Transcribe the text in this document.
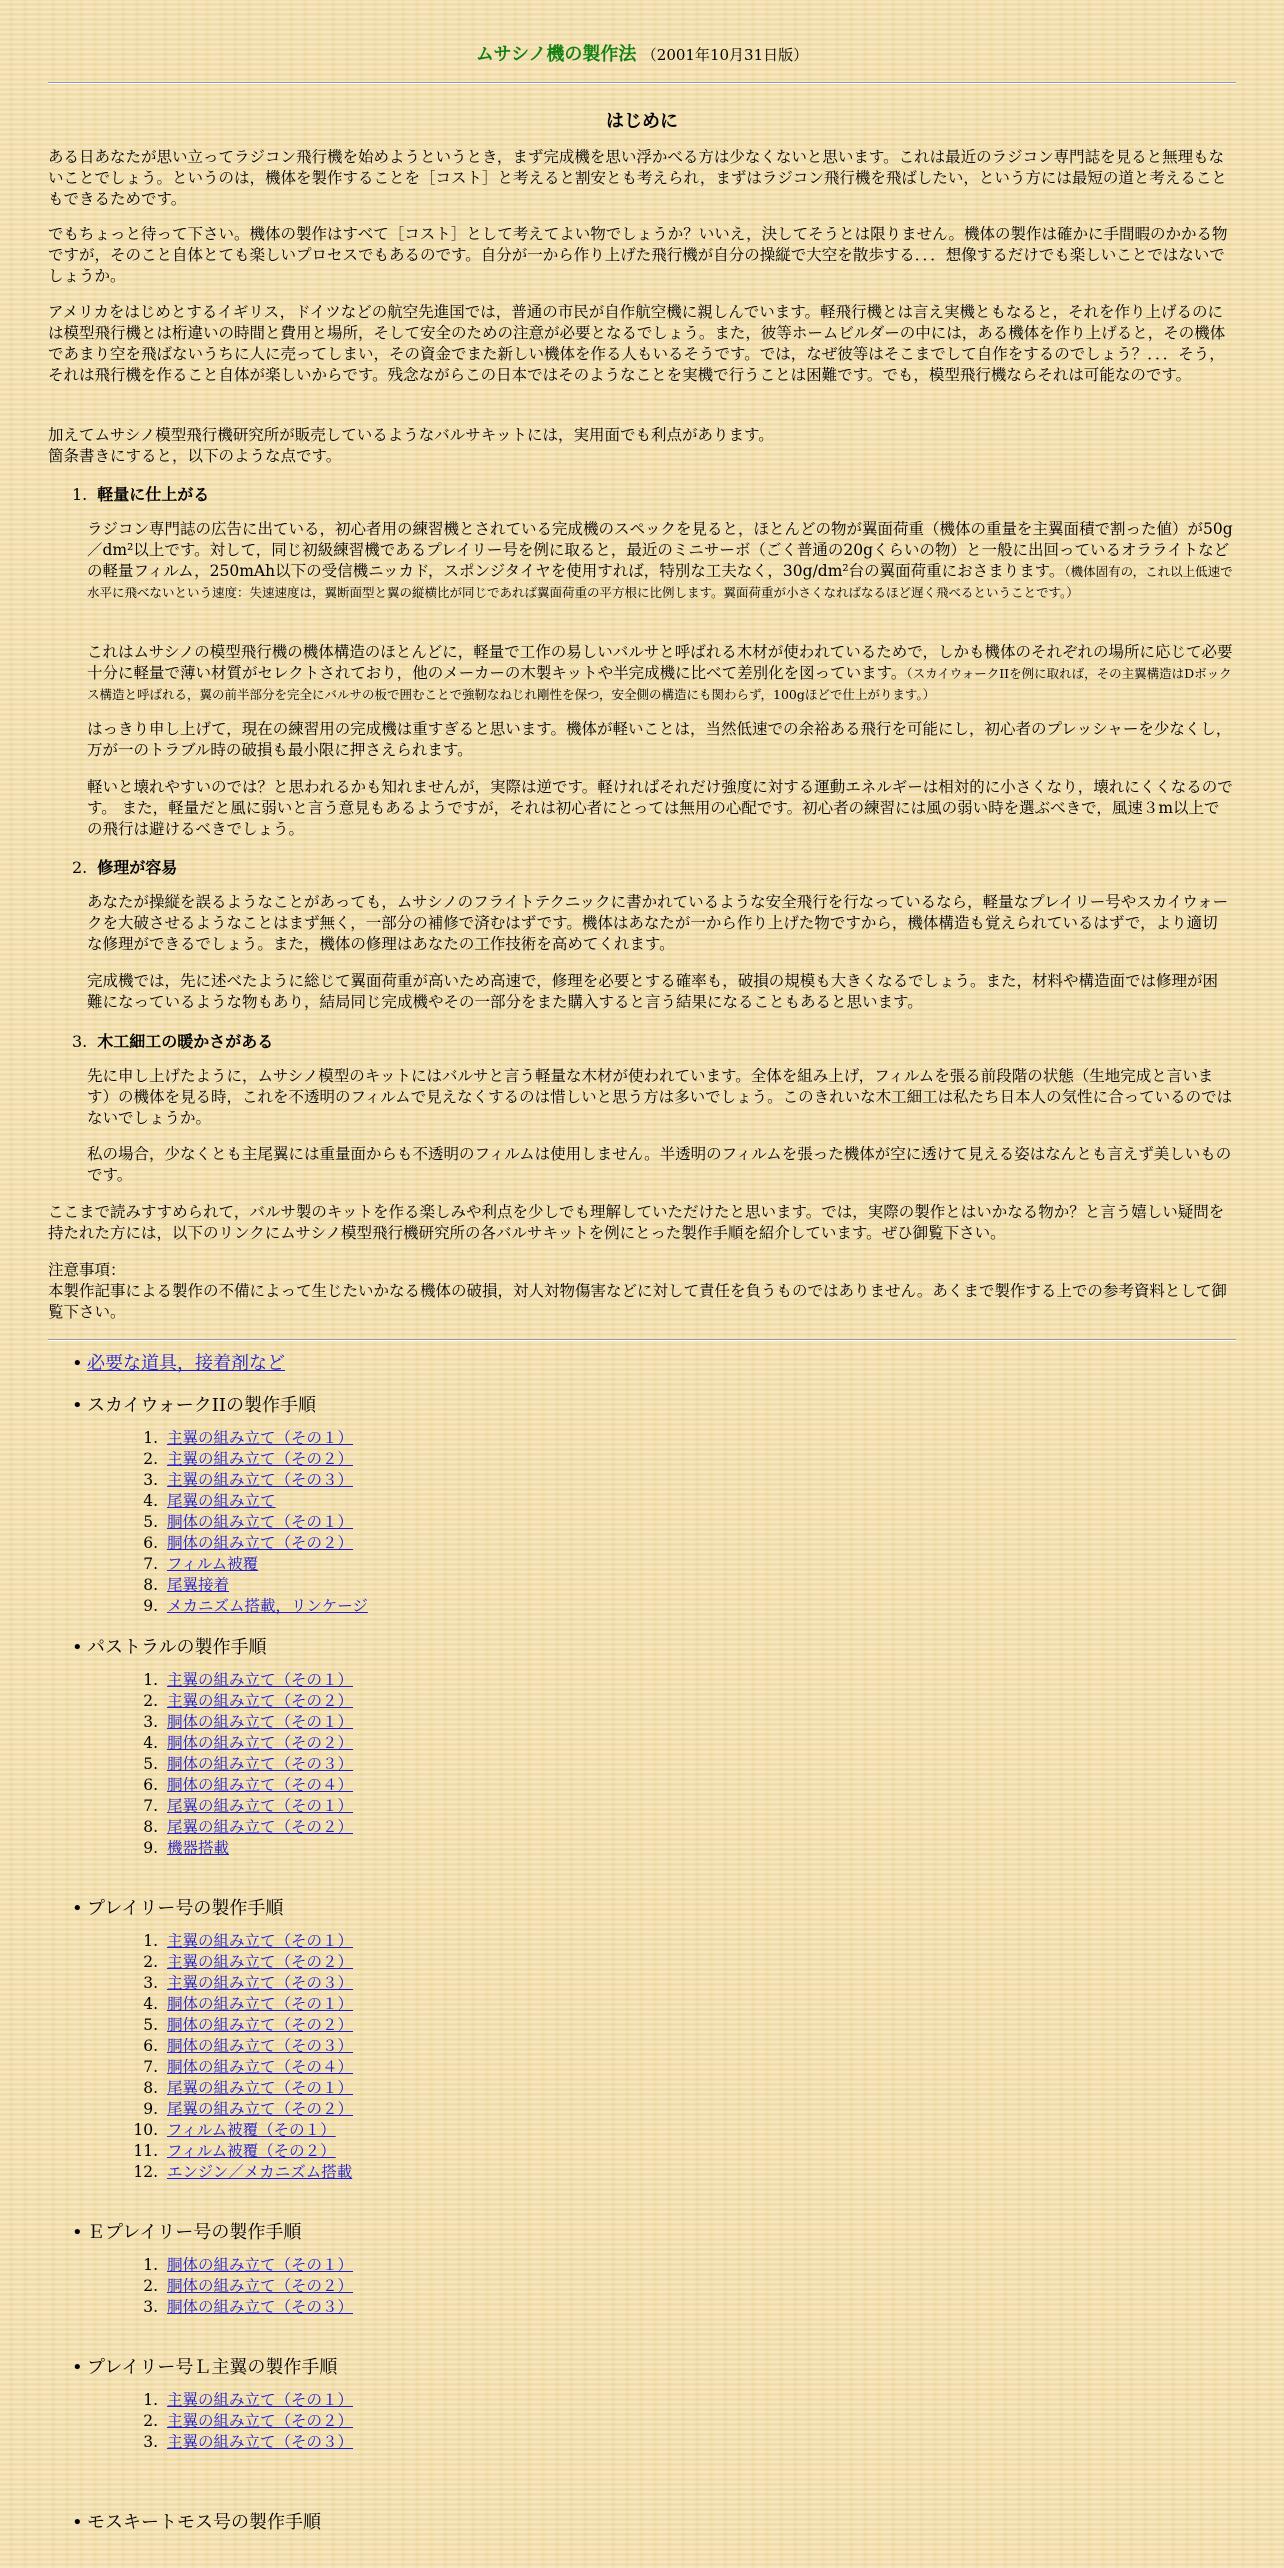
ムサシノ機の製作法 （2001年10月31日版）
はじめに
ある日あなたが思い立ってラジコン飛行機を始めようというとき，まず完成機を思い浮かべる方は少なくないと思います。これは最近のラジコン専門誌を見ると無理もないことでしょう。というのは，機体を製作することを［コスト］と考えると割安とも考えられ，まずはラジコン飛行機を飛ばしたい，という方には最短の道と考えることもできるためです。
でもちょっと待って下さい。機体の製作はすべて［コスト］として考えてよい物でしょうか？いいえ，決してそうとは限りません。機体の製作は確かに手間暇のかかる物ですが，そのこと自体とても楽しいプロセスでもあるのです。自分が一から作り上げた飛行機が自分の操縦で大空を散歩する．．．想像するだけでも楽しいことではないでしょうか。
アメリカをはじめとするイギリス，ドイツなどの航空先進国では，普通の市民が自作航空機に親しんでいます。軽飛行機とは言え実機ともなると，それを作り上げるのには模型飛行機とは桁違いの時間と費用と場所，そして安全のための注意が必要となるでしょう。また，彼等ホームビルダーの中には，ある機体を作り上げると，その機体であまり空を飛ばないうちに人に売ってしまい，その資金でまた新しい機体を作る人もいるそうです。では，なぜ彼等はそこまでして自作をするのでしょう？．．．そう，それは飛行機を作ること自体が楽しいからです。残念ながらこの日本ではそのようなことを実機で行うことは困難です。でも，模型飛行機ならそれは可能なのです。
加えてムサシノ模型飛行機研究所が販売しているようなバルサキットには，実用面でも利点があります。
箇条書きにすると，以下のような点です。
1. 軽量に仕上がる
ラジコン専門誌の広告に出ている，初心者用の練習機とされている完成機のスペックを見ると，ほとんどの物が翼面荷重（機体の重量を主翼面積で割った値）が50g／dm²以上です。対して，同じ初級練習機であるプレイリー号を例に取ると，最近のミニサーボ（ごく普通の20gくらいの物）と一般に出回っているオラライトなどの軽量フィルム，250mAh以下の受信機ニッカド，スポンジタイヤを使用すれば，特別な工夫なく，30g/dm²台の翼面荷重におさまります。（機体固有の，これ以上低速で水平に飛べないという速度：失速速度は，翼断面型と翼の縦横比が同じであれば翼面荷重の平方根に比例します。翼面荷重が小さくなればなるほど遅く飛べるということです。）
これはムサシノの模型飛行機の機体構造のほとんどに，軽量で工作の易しいバルサと呼ばれる木材が使われているためで，しかも機体のそれぞれの場所に応じて必要十分に軽量で薄い材質がセレクトされており，他のメーカーの木製キットや半完成機に比べて差別化を図っています。（スカイウォークIIを例に取れば，その主翼構造はDボックス構造と呼ばれる，翼の前半部分を完全にバルサの板で囲むことで強靭なねじれ剛性を保つ，安全側の構造にも関わらず，100gほどで仕上がります。）
はっきり申し上げて，現在の練習用の完成機は重すぎると思います。機体が軽いことは，当然低速での余裕ある飛行を可能にし，初心者のプレッシャーを少なくし，万が一のトラブル時の破損も最小限に押さえられます。
軽いと壊れやすいのでは？と思われるかも知れませんが，実際は逆です。軽ければそれだけ強度に対する運動エネルギーは相対的に小さくなり，壊れにくくなるのです。 また，軽量だと風に弱いと言う意見もあるようですが，それは初心者にとっては無用の心配です。初心者の練習には風の弱い時を選ぶべきで，風速３m以上での飛行は避けるべきでしょう。
2. 修理が容易
あなたが操縦を誤るようなことがあっても，ムサシノのフライトテクニックに書かれているような安全飛行を行なっているなら，軽量なプレイリー号やスカイウォークを大破させるようなことはまず無く，一部分の補修で済むはずです。機体はあなたが一から作り上げた物ですから，機体構造も覚えられているはずで，より適切な修理ができるでしょう。また，機体の修理はあなたの工作技術を高めてくれます。
完成機では，先に述べたように総じて翼面荷重が高いため高速で，修理を必要とする確率も，破損の規模も大きくなるでしょう。また，材料や構造面では修理が困難になっているような物もあり，結局同じ完成機やその一部分をまた購入すると言う結果になることもあると思います。
3. 木工細工の暖かさがある
先に申し上げたように，ムサシノ模型のキットにはバルサと言う軽量な木材が使われています。全体を組み上げ，フィルムを張る前段階の状態（生地完成と言います）の機体を見る時，これを不透明のフィルムで見えなくするのは惜しいと思う方は多いでしょう。このきれいな木工細工は私たち日本人の気性に合っているのではないでしょうか。
私の場合，少なくとも主尾翼には重量面からも不透明のフィルムは使用しません。半透明のフィルムを張った機体が空に透けて見える姿はなんとも言えず美しいものです。
ここまで読みすすめられて，バルサ製のキットを作る楽しみや利点を少しでも理解していただけたと思います。では，実際の製作とはいかなる物か？と言う嬉しい疑問を持たれた方には，以下のリンクにムサシノ模型飛行機研究所の各バルサキットを例にとった製作手順を紹介しています。ぜひ御覧下さい。
注意事項：
本製作記事による製作の不備によって生じたいかなる機体の破損，対人対物傷害などに対して責任を負うものではありません。あくまで製作する上での参考資料として御覧下さい。
• 必要な道具，接着剤など
• スカイウォークIIの製作手順
1. 主翼の組み立て（その１）
2. 主翼の組み立て（その２）
3. 主翼の組み立て（その３）
4. 尾翼の組み立て
5. 胴体の組み立て（その１）
6. 胴体の組み立て（その２）
7. フィルム被覆
8. 尾翼接着
9. メカニズム搭載，リンケージ
• パストラルの製作手順
1. 主翼の組み立て（その１）
2. 主翼の組み立て（その２）
3. 胴体の組み立て（その１）
4. 胴体の組み立て（その２）
5. 胴体の組み立て（その３）
6. 胴体の組み立て（その４）
7. 尾翼の組み立て（その１）
8. 尾翼の組み立て（その２）
9. 機器搭載
• プレイリー号の製作手順
1. 主翼の組み立て（その１）
2. 主翼の組み立て（その２）
3. 主翼の組み立て（その３）
4. 胴体の組み立て（その１）
5. 胴体の組み立て（その２）
6. 胴体の組み立て（その３）
7. 胴体の組み立て（その４）
8. 尾翼の組み立て（その１）
9. 尾翼の組み立て（その２）
10. フィルム被覆（その１）
11. フィルム被覆（その２）
12. エンジン／メカニズム搭載
• Ｅプレイリー号の製作手順
1. 胴体の組み立て（その１）
2. 胴体の組み立て（その２）
3. 胴体の組み立て（その３）
• プレイリー号Ｌ主翼の製作手順
1. 主翼の組み立て（その１）
2. 主翼の組み立て（その２）
3. 主翼の組み立て（その３）
• モスキートモス号の製作手順
